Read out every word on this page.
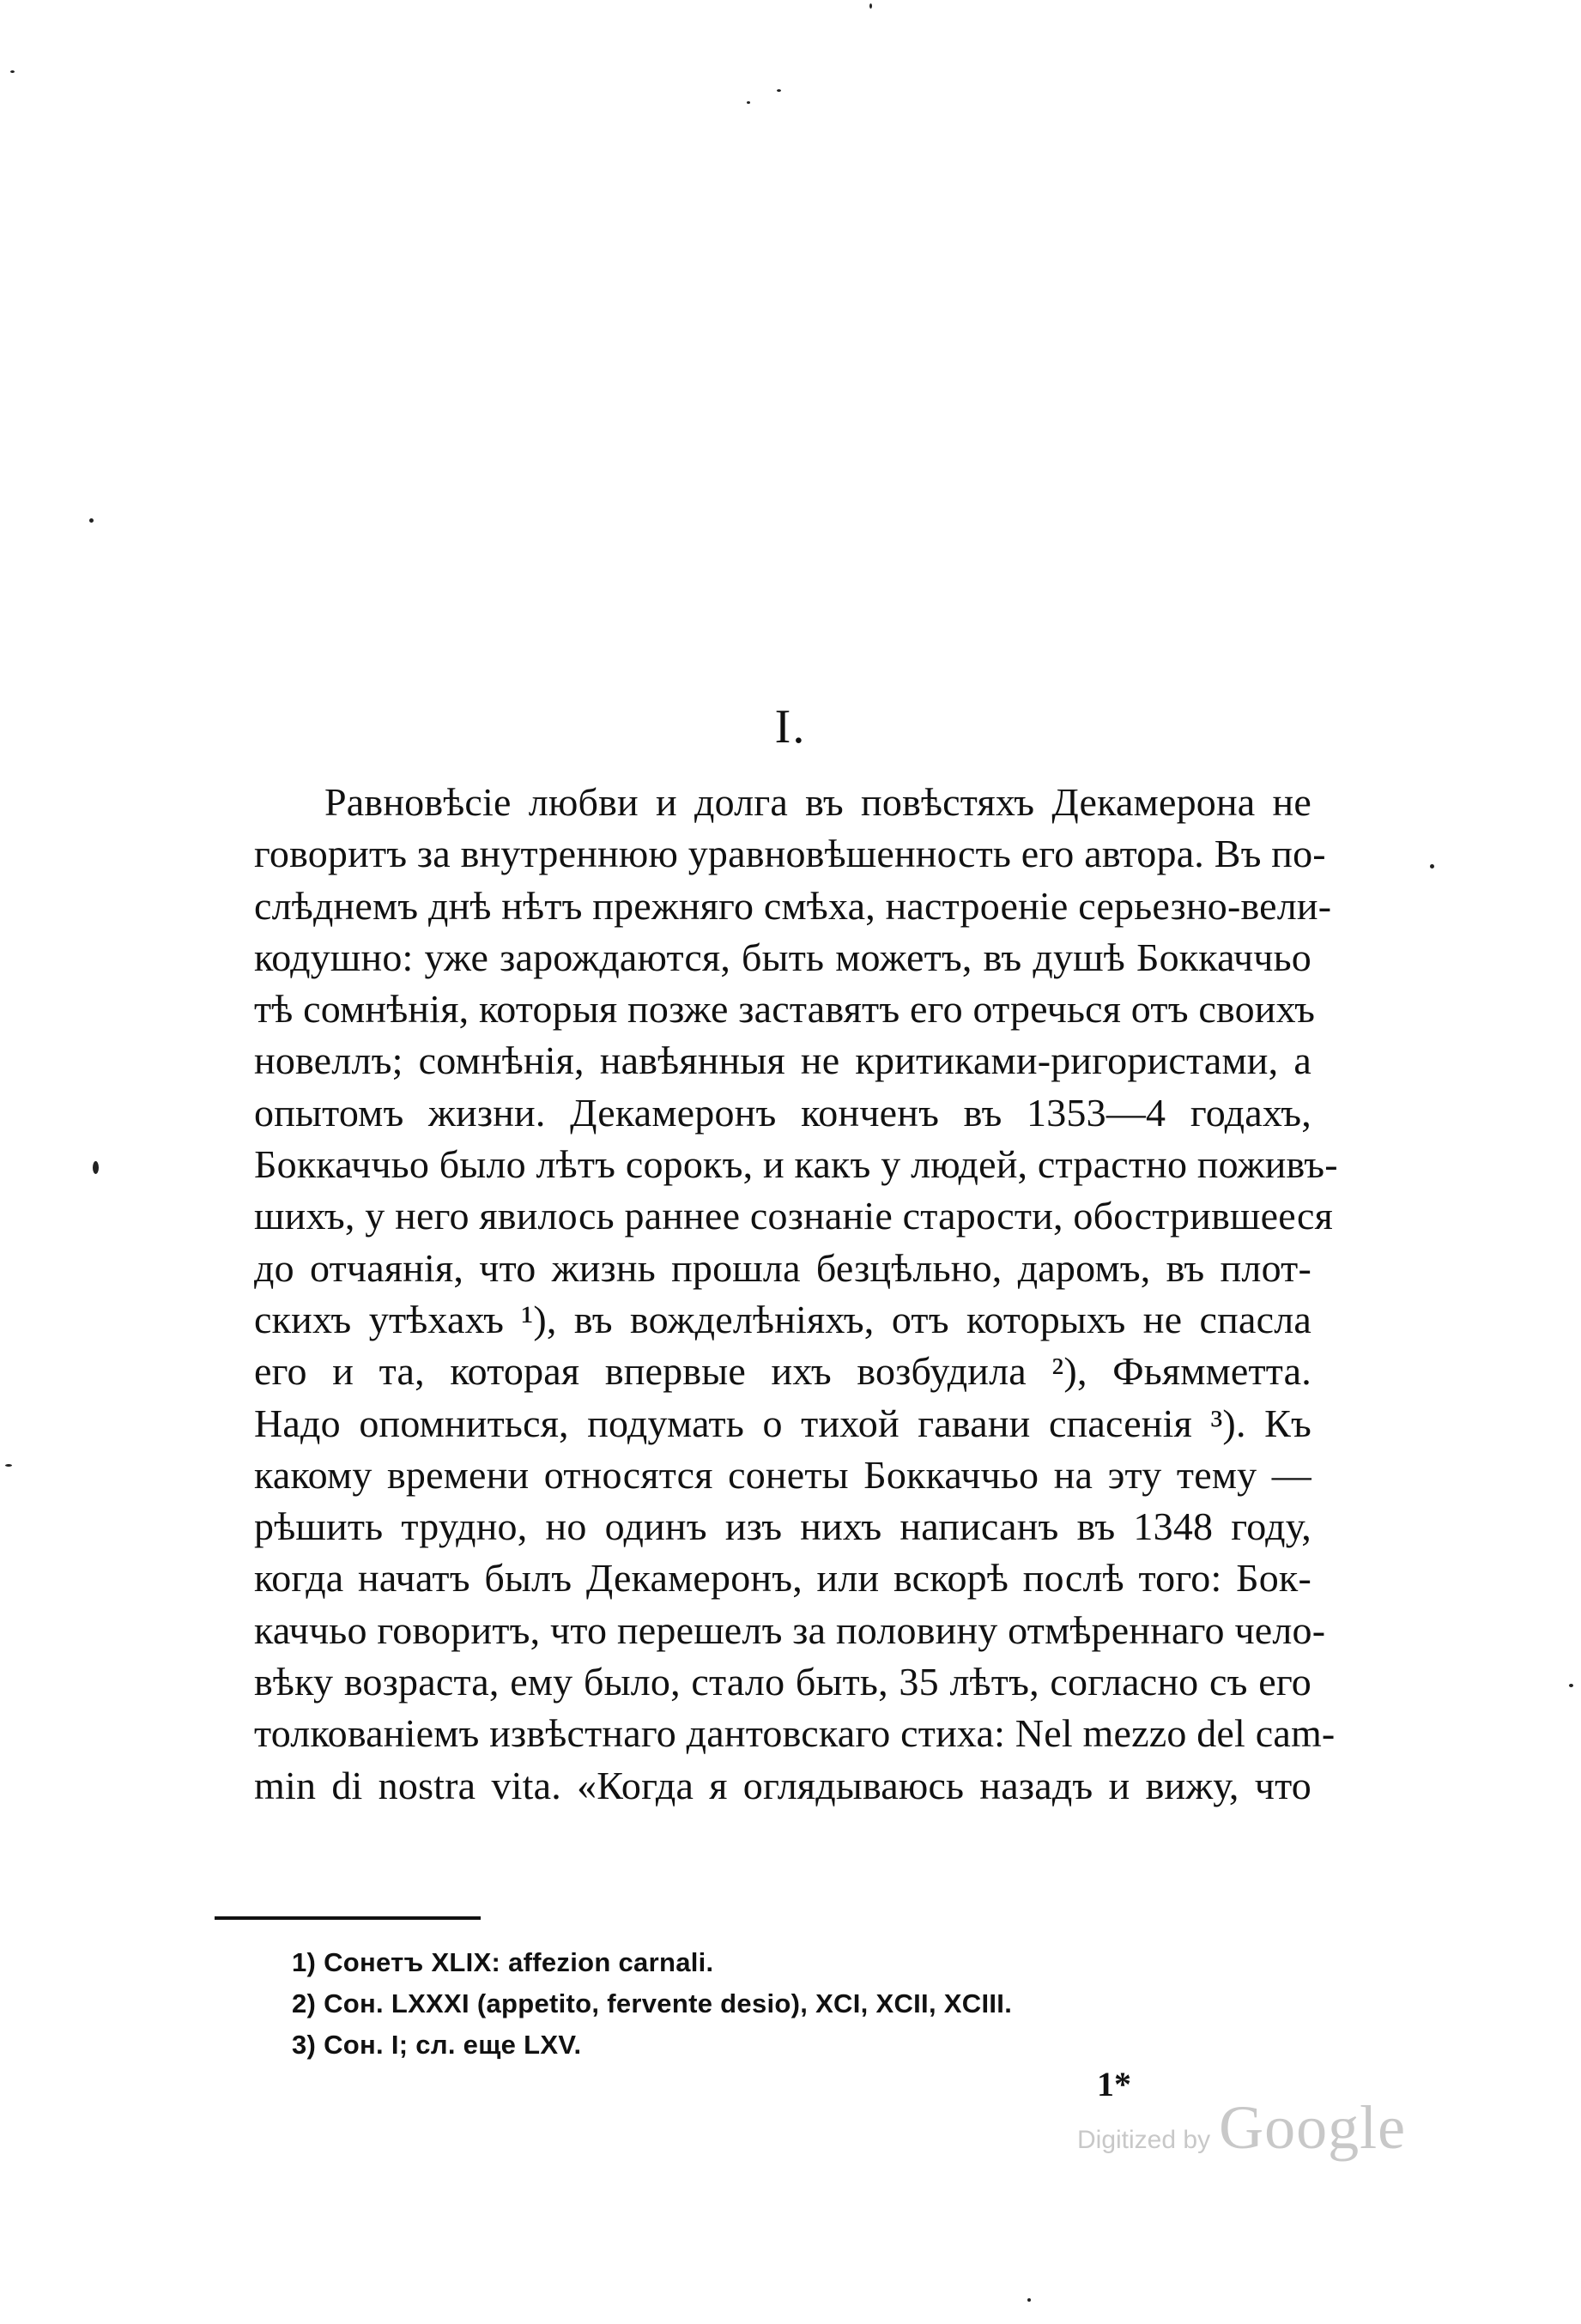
I.
Равновѣсіе любви и долга въ повѣстяхъ Декамерона не
говоритъ за внутреннюю уравновѣшенность его автора. Въ по-
слѣднемъ днѣ нѣтъ прежняго смѣха, настроеніе серьезно-вели-
кодушно: уже зарождаются, быть можетъ, въ душѣ Боккаччьо
тѣ сомнѣнія, которыя позже заставятъ его отречься отъ своихъ
новеллъ; сомнѣнія, навѣянныя не критиками-ригористами, а
опытомъ жизни. Декамеронъ конченъ въ 1353—4 годахъ,
Боккаччьо было лѣтъ сорокъ, и какъ у людей, страстно поживъ-
шихъ, у него явилось раннее сознаніе старости, обострившееся
до отчаянія, что жизнь прошла безцѣльно, даромъ, въ плот-
скихъ утѣхахъ ¹), въ вожделѣніяхъ, отъ которыхъ не спасла
его и та, которая впервые ихъ возбудила ²), Фьямметта.
Надо опомниться, подумать о тихой гавани спасенія ³). Къ
какому времени относятся сонеты Боккаччьо на эту тему —
рѣшить трудно, но одинъ изъ нихъ написанъ въ 1348 году,
когда начатъ былъ Декамеронъ, или вскорѣ послѣ того: Бок-
каччьо говоритъ, что перешелъ за половину отмѣреннаго чело-
вѣку возраста, ему было, стало быть, 35 лѣтъ, согласно съ его
толкованіемъ извѣстнаго дантовскаго стиха: Nel mezzo del cam-
min di nostra vita. «Когда я оглядываюсь назадъ и вижу, что
1) Сонетъ XLIX: affezion carnali.
2) Сон. LXXXI (appetito, fervente desio), XCI, XCII, XCIII.
3) Сон. I; сл. еще LXV.
1*
Digitized by Google
